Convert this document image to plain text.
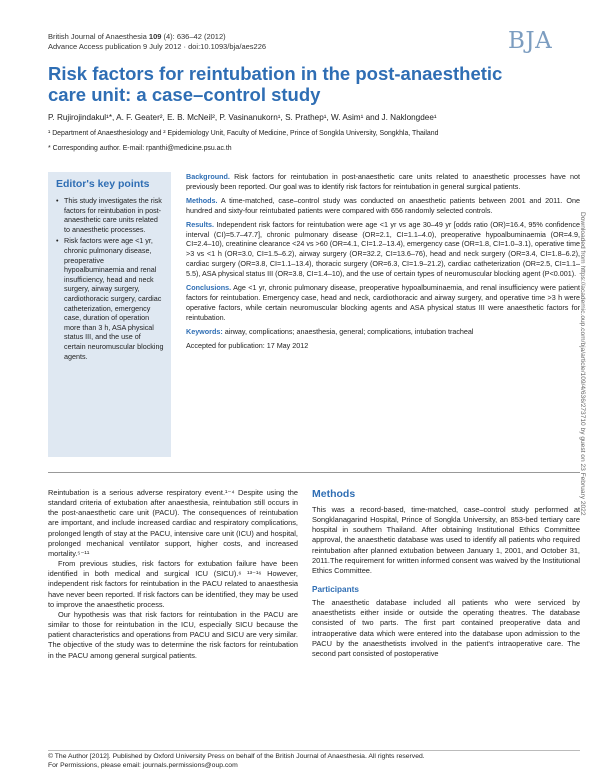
British Journal of Anaesthesia 109 (4): 636–42 (2012)
Advance Access publication 9 July 2012 · doi:10.1093/bja/aes226	BJA
Risk factors for reintubation in the post-anaesthetic care unit: a case–control study
P. Rujirojindakul¹*, A. F. Geater², E. B. McNeil², P. Vasinanukorn¹, S. Prathep¹, W. Asim¹ and J. Naklongdee¹
¹ Department of Anaesthesiology and ² Epidemiology Unit, Faculty of Medicine, Prince of Songkla University, Songkhla, Thailand
* Corresponding author. E-mail: rpanthi@medicine.psu.ac.th
Editor's key points
• This study investigates the risk factors for reintubation in post-anaesthetic care units related to anaesthetic processes.
• Risk factors were age <1 yr, chronic pulmonary disease, preoperative hypoalbuminaemia and renal insufficiency, head and neck surgery, airway surgery, cardiothoracic surgery, cardiac catheterization, emergency case, duration of operation more than 3 h, ASA physical status III, and the use of certain neuromuscular blocking agents.

Background. Risk factors for reintubation in post-anaesthetic care units related to anaesthetic processes have not previously been reported. Our goal was to identify risk factors for reintubation in general surgical patients.

Methods. A time-matched, case–control study was conducted on anaesthetic patients between 2001 and 2011. One hundred and sixty-four reintubated patients were compared with 656 randomly selected controls.

Results. Independent risk factors for reintubation were age <1 yr vs age 30–49 yr [odds ratio (OR)=16.4, 95% confidence interval (CI)=5.7–47.7], chronic pulmonary disease (OR=2.1, CI=1.1–4.0), preoperative hypoalbuminaemia (OR=4.9, CI=2.4–10), creatinine clearance <24 vs >60 (OR=4.1, CI=1.2–13.4), emergency case (OR=1.8, CI=1.0–3.1), operative time >3 vs <1 h (OR=3.0, CI=1.5–6.2), airway surgery (OR=32.2, CI=13.6–76), head and neck surgery (OR=3.4, CI=1.8–6.2), cardiac surgery (OR=3.8, CI=1.1–13.4), thoracic surgery (OR=6.3, CI=1.9–21.2), cardiac catheterization (OR=2.5, CI=1.1–5.5), ASA physical status III (OR=3.8, CI=1.4–10), and the use of certain types of neuromuscular blocking agent (P<0.001).

Conclusions. Age <1 yr, chronic pulmonary disease, preoperative hypoalbuminaemia, and renal insufficiency were patient factors for reintubation. Emergency case, head and neck, cardiothoracic and airway surgery, and operative time >3 h were operative factors, while certain neuromuscular blocking agents and ASA physical status III were anaesthetic factors for reintubation.

Keywords: airway, complications; anaesthesia, general; complications, intubation tracheal

Accepted for publication: 17 May 2012

Reintubation is a serious adverse respiratory event.¹⁻⁴ Despite using the standard criteria of extubation after anaesthesia, reintubation still occurs in the post-anaesthetic care unit (PACU). The consequences of reintubation are important, and include increased cardiac and respiratory complications, prolonged length of stay at the PACU, intensive care unit (ICU) and hospital, prolonged mechanical ventilator support, higher costs, and increased mortality.⁵⁻¹¹

From previous studies, risk factors for extubation failure have been identified in both medical and surgical ICU (SICU).⁶ ¹³⁻¹⁶ However, independent risk factors for reintubation in the PACU related to anaesthesia have never been reported. If risk factors can be identified, they may be used to improve the anaesthetic process.

Our hypothesis was that risk factors for reintubation in the PACU are similar to those for reintubation in the ICU, especially SICU because the patient characteristics and operations from PACU and SICU are very similar. The objective of the study was to determine the risk factors for reintubation in the PACU among general surgical patients.

Methods

This was a record-based, time-matched, case–control study performed at Songklanagarind Hospital, Prince of Songkla University, an 853-bed tertiary care hospital in southern Thailand. After obtaining Institutional Ethics Committee approval, the anaesthetic database was used to identify all patients who required reintubation after planned extubation between January 1, 2001, and October 31, 2011.The requirement for written informed consent was waived by the Institutional Ethics Committee.

Participants

The anaesthetic database included all patients who were serviced by anaesthetists either inside or outside the operating theatres. The database consisted of two parts. The first part contained preoperative data and intraoperative data which were entered into the database upon admission to the PACU by the anaesthetists involved in the patient's intraoperative care. The second part consisted of postoperative

© The Author [2012]. Published by Oxford University Press on behalf of the British Journal of Anaesthesia. All rights reserved.
For Permissions, please email: journals.permissions@oup.com
Downloaded from https://academic.oup.com/bja/article/109/4/636/273710 by guest on 23 February 2022
